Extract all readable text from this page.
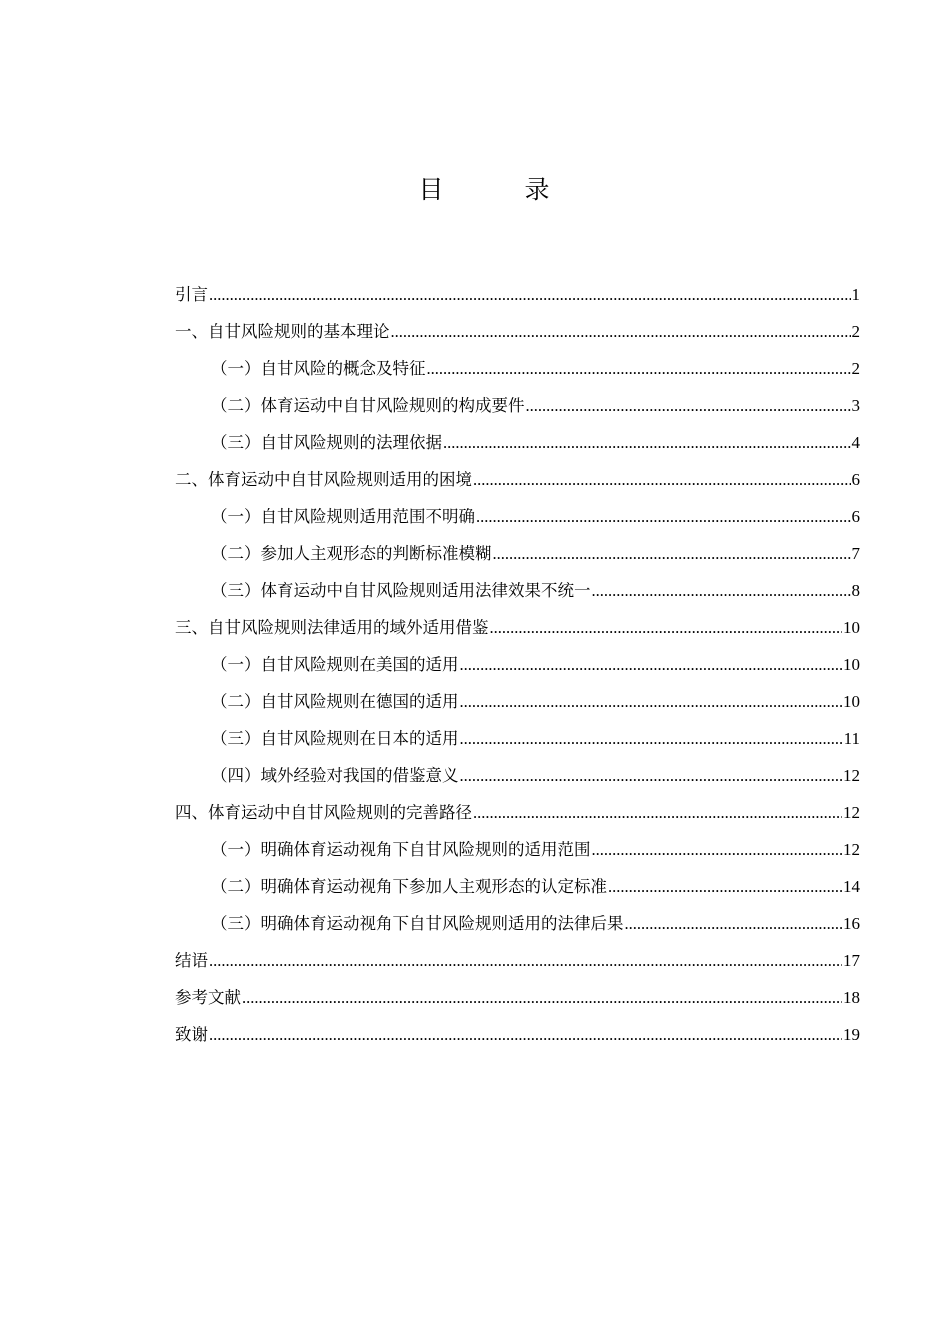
目　录
引言 .....	1
一、自甘风险规则的基本理论 .....	2
（一）自甘风险的概念及特征 .....	2
（二）体育运动中自甘风险规则的构成要件 .....	3
（三）自甘风险规则的法理依据 .....	4
二、体育运动中自甘风险规则适用的困境 .....	6
（一）自甘风险规则适用范围不明确 .....	6
（二）参加人主观形态的判断标准模糊 .....	7
（三）体育运动中自甘风险规则适用法律效果不统一 .....	8
三、自甘风险规则法律适用的域外适用借鉴 .....	10
（一）自甘风险规则在美国的适用 .....	10
（二）自甘风险规则在德国的适用 .....	10
（三）自甘风险规则在日本的适用 .....	11
（四）域外经验对我国的借鉴意义 .....	12
四、体育运动中自甘风险规则的完善路径 .....	12
（一）明确体育运动视角下自甘风险规则的适用范围 .....	12
（二）明确体育运动视角下参加人主观形态的认定标准 .....	14
（三）明确体育运动视角下自甘风险规则适用的法律后果 .....	16
结语 .....	17
参考文献 .....	18
致谢 .....	19
